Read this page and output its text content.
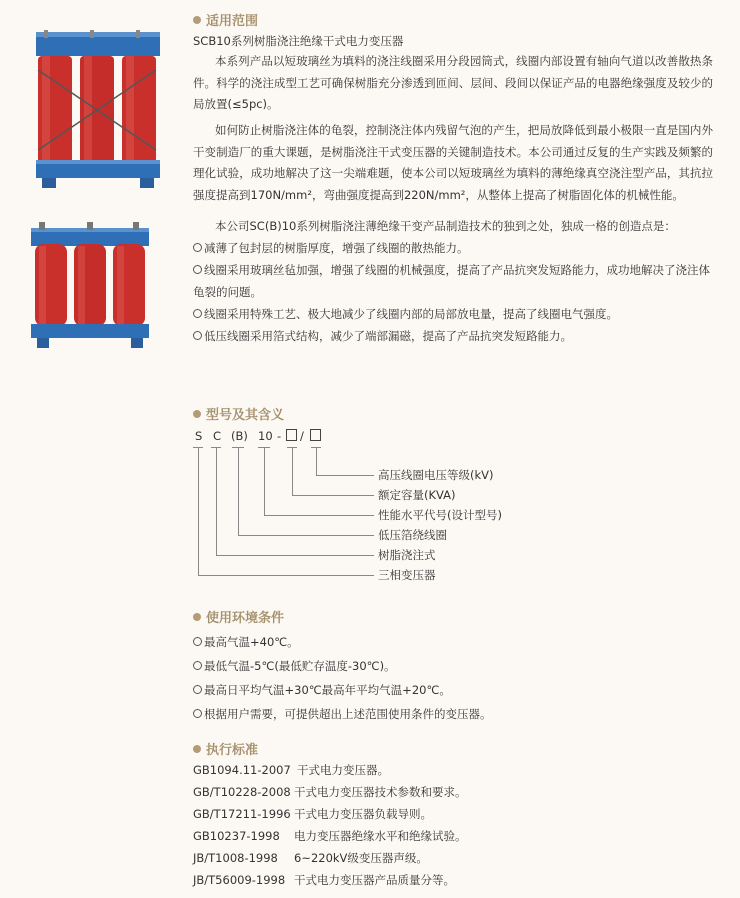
适用范围
SCB10系列树脂浇注绝缘干式电力变压器
本系列产品以短玻璃丝为填料的浇注线圈采用分段园筒式，线圈内部设置有轴向气道以改善散热条件。科学的浇注成型工艺可确保树脂充分渗透到匝间、层间、段间以保证产品的电器绝缘强度及较少的局放置(≤5pc)。
如何防止树脂浇注体的龟裂，控制浇注体内残留气泡的产生，把局放降低到最小极限一直是国内外干变制造厂的重大课题，是树脂浇注干式变压器的关键制造技术。本公司通过反复的生产实践及频繁的理化试验，成功地解决了这一尖端难题，使本公司以短玻璃丝为填料的薄绝缘真空浇注型产品，其抗拉强度提高到170N/mm²，弯曲强度提高到220N/mm²，从整体上提高了树脂固化体的机械性能。
本公司SC(B)10系列树脂浇注薄绝缘干变产品制造技术的独到之处，独成一格的创造点是：
减薄了包封层的树脂厚度，增强了线圈的散热能力。
线圈采用玻璃丝毡加强，增强了线圈的机械强度，提高了产品抗突发短路能力，成功地解决了浇注体龟裂的问题。
线圈采用特殊工艺、极大地减少了线圈内部的局部放电量，提高了线圈电气强度。
低压线圈采用箔式结构，减少了端部漏磁，提高了产品抗突发短路能力。
型号及其含义
S C (B) 10 - /
高压线圈电压等级(kV)
额定容量(KVA)
性能水平代号(设计型号)
低压箔绕线圈
树脂浇注式
三相变压器
使用环境条件
最高气温+40℃。
最低气温-5℃(最低贮存温度-30℃)。
最高日平均气温+30℃最高年平均气温+20℃。
根据用户需要，可提供超出上述范围使用条件的变压器。
执行标准
GB1094.11-2007 干式电力变压器。
GB/T10228-2008 干式电力变压器技术参数和要求。
GB/T17211-1996 干式电力变压器负载导则。
GB10237-1998 电力变压器绝缘水平和绝缘试验。
JB/T1008-1998 6~220kV级变压器声级。
JB/T56009-1998 干式电力变压器产品质量分等。
